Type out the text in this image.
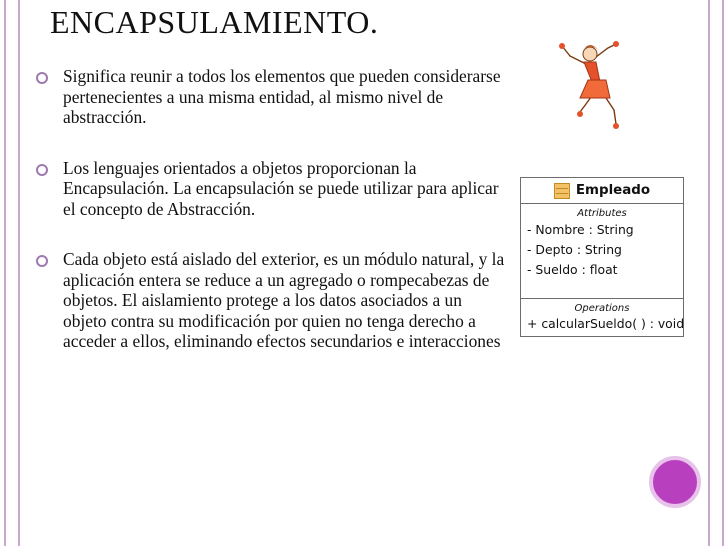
ENCAPSULAMIENTO.
Significa reunir a todos los elementos que pueden considerarse pertenecientes a una misma entidad, al mismo nivel de abstracción.
Los lenguajes orientados a objetos proporcionan la Encapsulación. La encapsulación se puede utilizar para aplicar el concepto de Abstracción.
Cada objeto está aislado del exterior, es un módulo natural, y la aplicación entera se reduce a un agregado o rompecabezas de objetos. El aislamiento protege a los datos asociados a un objeto contra su modificación por quien no tenga derecho a acceder a ellos, eliminando efectos secundarios e interacciones
Empleado
Attributes
- Nombre : String
- Depto : String
- Sueldo : float
Operations
+ calcularSueldo( ) : void
